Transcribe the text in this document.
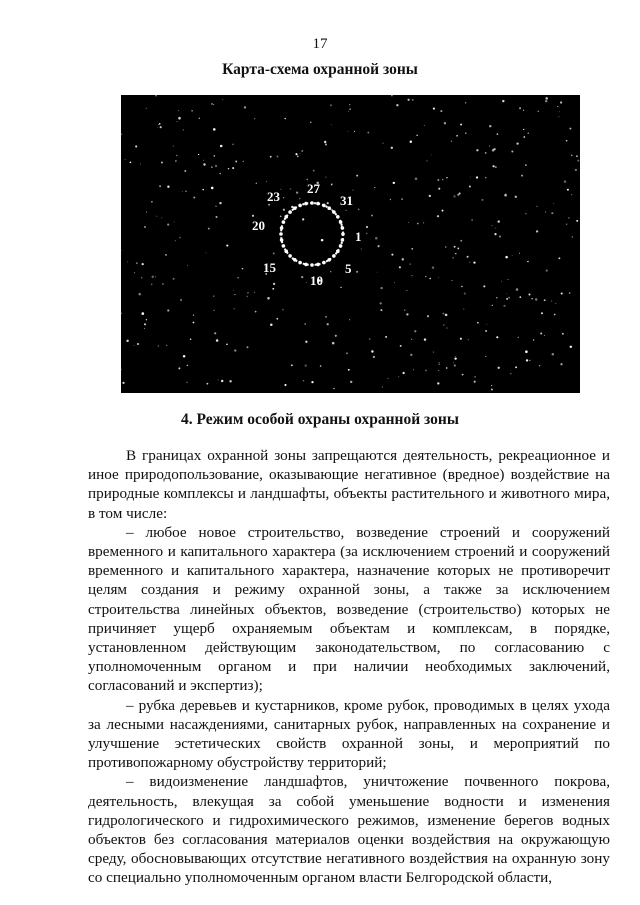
17
Карта-схема охранной зоны
23
27
31
20
1
15
10
5
4. Режим особой охраны охранной зоны

В границах охранной зоны запрещаются деятельность, рекреационное и иное природопользование, оказывающие негативное (вредное) воздействие на природные комплексы и ландшафты, объекты растительного и животного мира, в том числе:

– любое новое строительство, возведение строений и сооружений временного и капитального характера (за исключением строений и сооружений временного и капитального характера, назначение которых не противоречит целям создания и режиму охранной зоны, а также за исключением строительства линейных объектов, возведение (строительство) которых не причиняет ущерб охраняемым объектам и комплексам, в порядке, установленном действующим законодательством, по согласованию с уполномоченным органом и при наличии необходимых заключений, согласований и экспертиз);

– рубка деревьев и кустарников, кроме рубок, проводимых в целях ухода за лесными насаждениями, санитарных рубок, направленных на сохранение и улучшение эстетических свойств охранной зоны, и мероприятий по противопожарному обустройству территорий;

– видоизменение ландшафтов, уничтожение почвенного покрова, деятельность, влекущая за собой уменьшение водности и изменения гидрологического и гидрохимического режимов, изменение берегов водных объектов без согласования материалов оценки воздействия на окружающую среду, обосновывающих отсутствие негативного воздействия на охранную зону со специально уполномоченным органом власти Белгородской области,
